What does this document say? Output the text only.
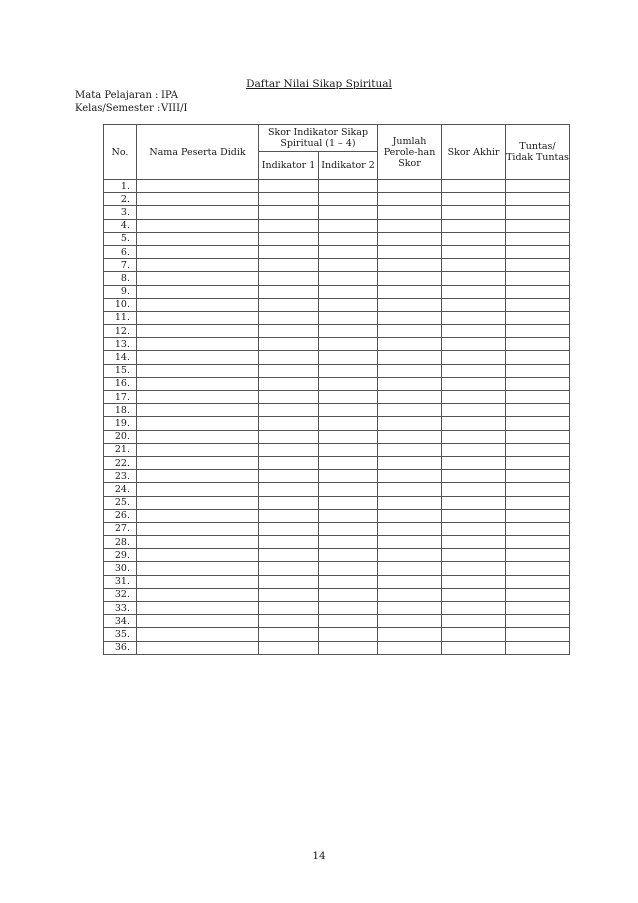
Daftar Nilai Sikap Spiritual
Mata Pelajaran : IPA
Kelas/Semester :VIII/I
No.	Nama Peserta Didik	Skor Indikator Sikap Spiritual (1 – 4)		Jumlah Perole-han Skor	Skor Akhir	Tuntas/ Tidak Tuntas
		Indikator 1	Indikator 2			
1.						
2.						
3.						
4.						
5.						
6.						
7.						
8.						
9.						
10.						
11.						
12.						
13.						
14.						
15.						
16.						
17.						
18.						
19.						
20.						
21.						
22.						
23.						
24.						
25.						
26.						
27.						
28.						
29.						
30.						
31.						
32.						
33.						
34.						
35.						
36.						
14
